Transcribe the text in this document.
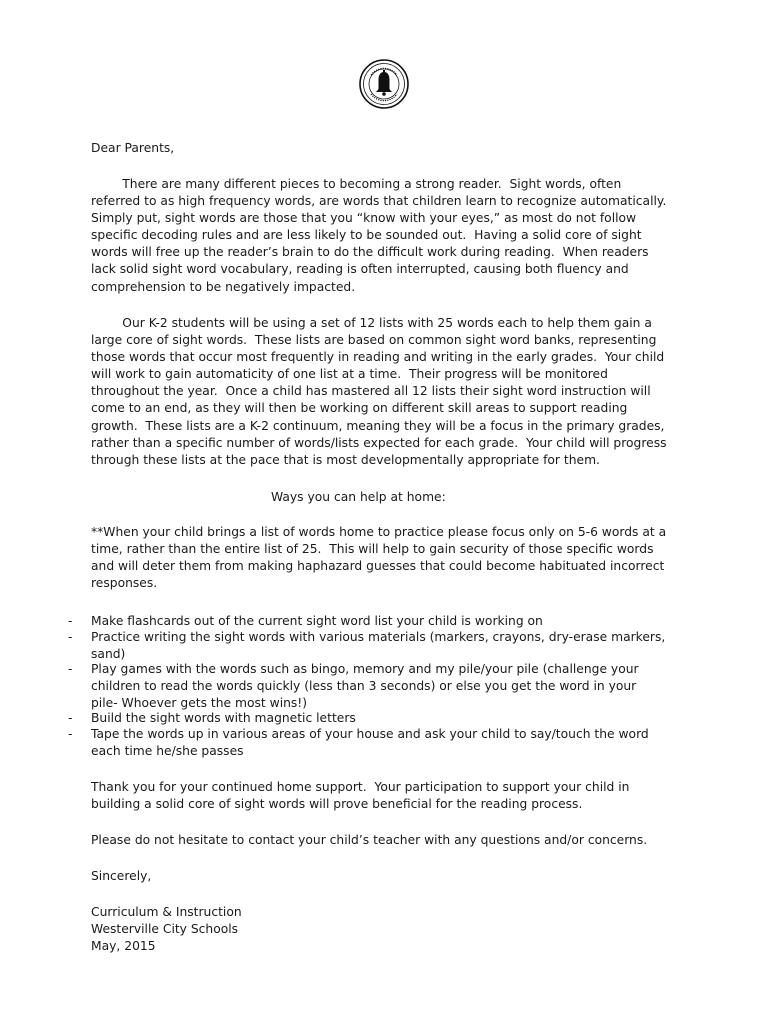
Dear Parents,
There are many different pieces to becoming a strong reader.  Sight words, often
referred to as high frequency words, are words that children learn to recognize automatically.
Simply put, sight words are those that you “know with your eyes,” as most do not follow
specific decoding rules and are less likely to be sounded out.  Having a solid core of sight
words will free up the reader’s brain to do the difficult work during reading.  When readers
lack solid sight word vocabulary, reading is often interrupted, causing both fluency and
comprehension to be negatively impacted.
Our K-2 students will be using a set of 12 lists with 25 words each to help them gain a
large core of sight words.  These lists are based on common sight word banks, representing
those words that occur most frequently in reading and writing in the early grades.  Your child
will work to gain automaticity of one list at a time.  Their progress will be monitored
throughout the year.  Once a child has mastered all 12 lists their sight word instruction will
come to an end, as they will then be working on different skill areas to support reading
growth.  These lists are a K-2 continuum, meaning they will be a focus in the primary grades,
rather than a specific number of words/lists expected for each grade.  Your child will progress
through these lists at the pace that is most developmentally appropriate for them.
Ways you can help at home:
**When your child brings a list of words home to practice please focus only on 5-6 words at a
time, rather than the entire list of 25.  This will help to gain security of those specific words
and will deter them from making haphazard guesses that could become habituated incorrect
responses.
- Make flashcards out of the current sight word list your child is working on
- Practice writing the sight words with various materials (markers, crayons, dry-erase markers,
sand)
- Play games with the words such as bingo, memory and my pile/your pile (challenge your
children to read the words quickly (less than 3 seconds) or else you get the word in your
pile- Whoever gets the most wins!)
- Build the sight words with magnetic letters
- Tape the words up in various areas of your house and ask your child to say/touch the word
each time he/she passes
Thank you for your continued home support.  Your participation to support your child in
building a solid core of sight words will prove beneficial for the reading process.
Please do not hesitate to contact your child’s teacher with any questions and/or concerns.
Sincerely,
Curriculum & Instruction
Westerville City Schools
May, 2015
